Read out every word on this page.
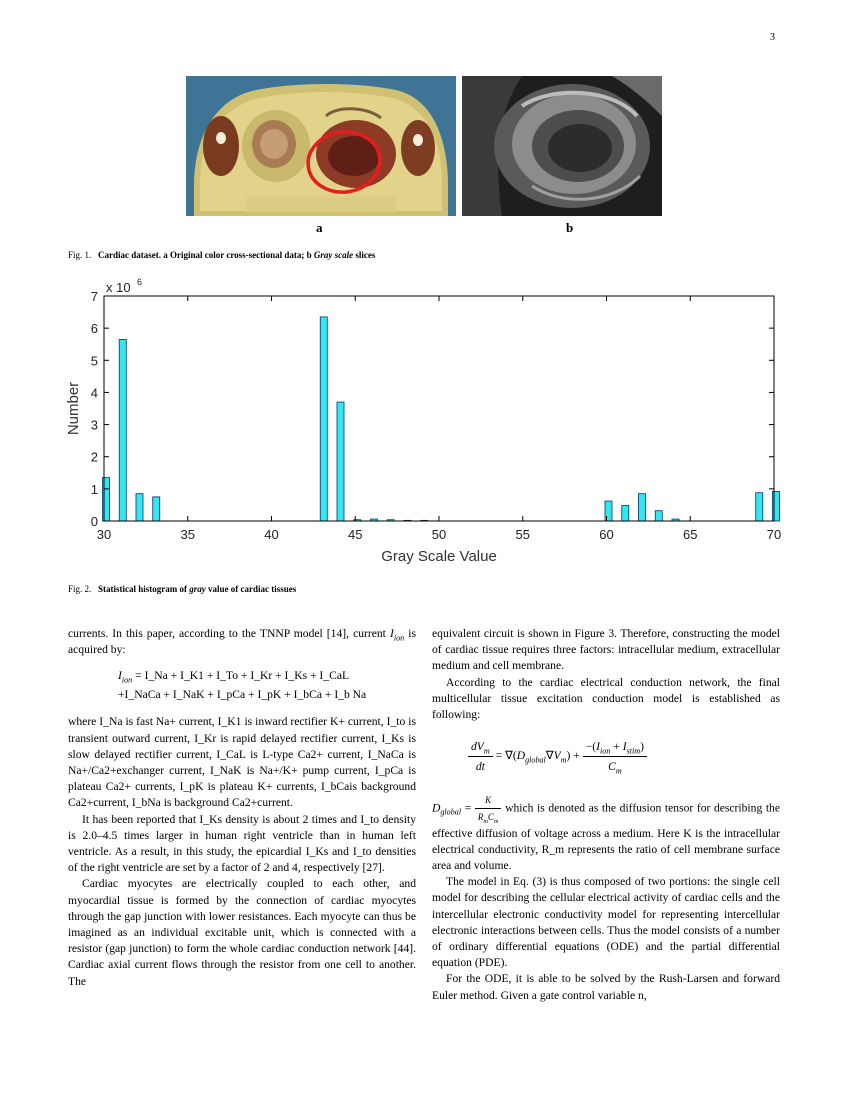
3
a	b
Fig. 1. Cardiac dataset. a Original color cross-sectional data; b Gray scale slices
30	35	40	45	50	55	60	65	70
0
1
2
3
4
5
6
7
x 10 6
Gray Scale Value
Number
Fig. 2. Statistical histogram of gray value of cardiac tissues

currents. In this paper, according to the TNNP model [14], current $I_{ion}$ is acquired by:

$I_{ion}$ = I_Na + I_K1 + I_To + I_Kr + I_Ks + I_CaL
+I_NaCa + I_NaK + I_pCa + I_pK + I_bCa + I_b Na

where I_Na is fast Na+ current, I_K1 is inward rectifier K+ current, I_to is transient outward current, I_Kr is rapid delayed rectifier current, I_Ks is slow delayed rectifier current, I_CaL is L-type Ca2+ current, I_NaCa is Na+/Ca2+exchanger current, I_NaK is Na+/K+ pump current, I_pCa is plateau Ca2+ currents, I_pK is plateau K+ currents, I_bCais background Ca2+current, I_bNa is background Ca2+current.

It has been reported that I_Ks density is about 2 times and I_to density is 2.0–4.5 times larger in human right ventricle than in human left ventricle. As a result, in this study, the epicardial I_Ks and I_to densities of the right ventricle are set by a factor of 2 and 4, respectively [27].

Cardiac myocytes are electrically coupled to each other, and myocardial tissue is formed by the connection of cardiac myocytes through the gap junction with lower resistances. Each myocyte can thus be imagined as an individual excitable unit, which is connected with a resistor (gap junction) to form the whole cardiac conduction network [44]. Cardiac axial current flows through the resistor from one cell to another. The

equivalent circuit is shown in Figure 3. Therefore, constructing the model of cardiac tissue requires three factors: intracellular medium, extracellular medium and cell membrane.

According to the cardiac electrical conduction network, the final multicellular tissue excitation conduction model is established as following:

$\frac{dV_m}{dt} = \nabla(D_{global}\nabla V_m) + \frac{-(I_{ion} + I_{stim})}{C_m}$

$D_{global} = \frac{K}{R_mC_m}$ which is denoted as the diffusion tensor for describing the effective diffusion of voltage across a medium. Here K is the intracellular electrical conductivity, R_m represents the ratio of cell membrane surface area and volume.

The model in Eq. (3) is thus composed of two portions: the single cell model for describing the cellular electrical activity of cardiac cells and the intercellular electronic conductivity model for representing intercellular electronic interactions between cells. Thus the model consists of a number of ordinary differential equations (ODE) and the partial differential equation (PDE).

For the ODE, it is able to be solved by the Rush-Larsen and forward Euler method. Given a gate control variable n,
